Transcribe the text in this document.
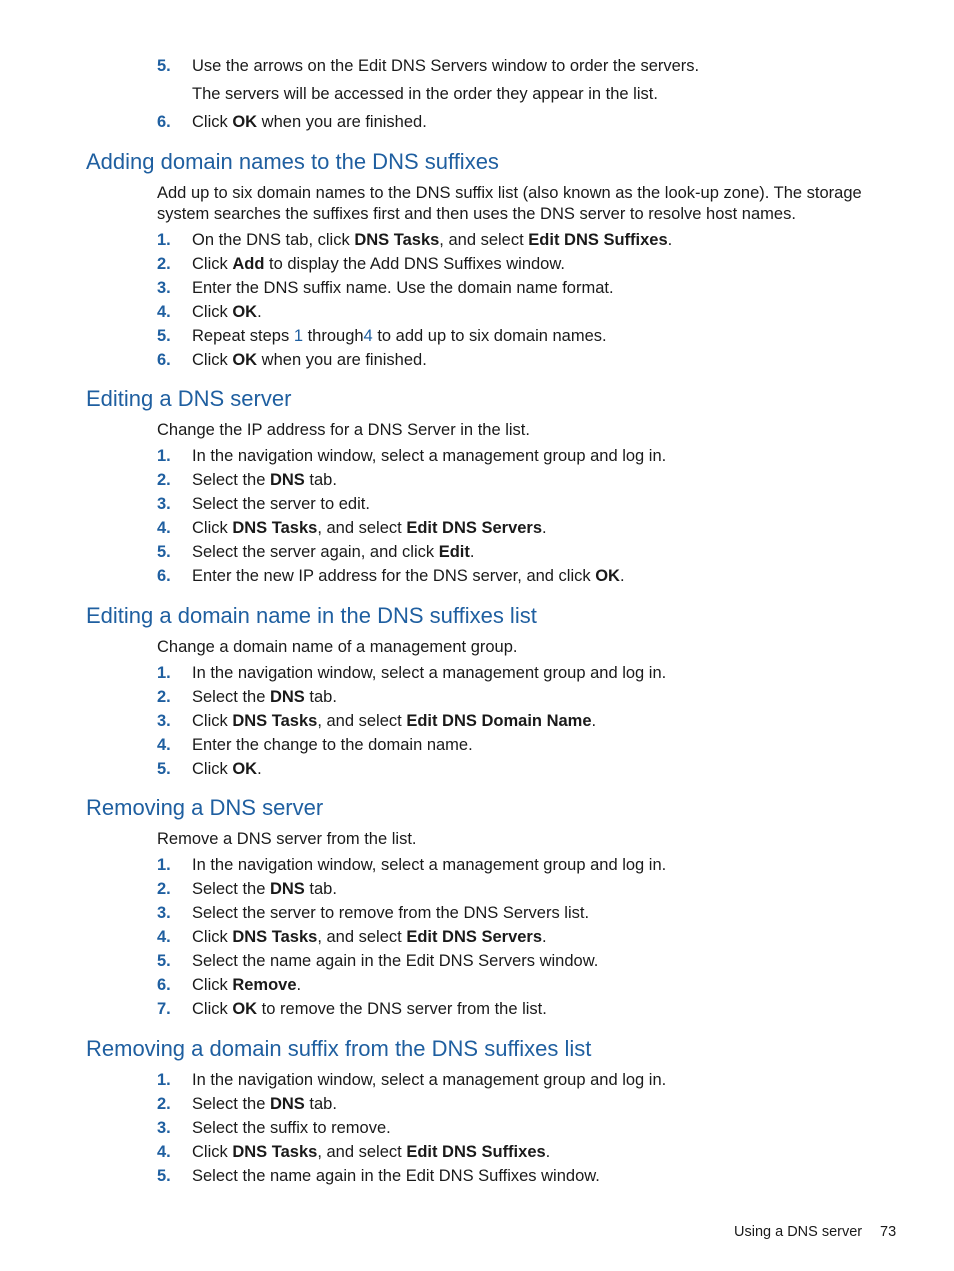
5.	Use the arrows on the Edit DNS Servers window to order the servers.
The servers will be accessed in the order they appear in the list.
6.	Click OK when you are finished.
Adding domain names to the DNS suffixes

Add up to six domain names to the DNS suffix list (also known as the look-up zone). The storage system searches the suffixes first and then uses the DNS server to resolve host names.

1.	On the DNS tab, click DNS Tasks, and select Edit DNS Suffixes.
2.	Click Add to display the Add DNS Suffixes window.
3.	Enter the DNS suffix name. Use the domain name format.
4.	Click OK.
5.	Repeat steps 1 through4 to add up to six domain names.
6.	Click OK when you are finished.
Editing a DNS server

Change the IP address for a DNS Server in the list.

1.	In the navigation window, select a management group and log in.
2.	Select the DNS tab.
3.	Select the server to edit.
4.	Click DNS Tasks, and select Edit DNS Servers.
5.	Select the server again, and click Edit.
6.	Enter the new IP address for the DNS server, and click OK.
Editing a domain name in the DNS suffixes list

Change a domain name of a management group.

1.	In the navigation window, select a management group and log in.
2.	Select the DNS tab.
3.	Click DNS Tasks, and select Edit DNS Domain Name.
4.	Enter the change to the domain name.
5.	Click OK.
Removing a DNS server

Remove a DNS server from the list.

1.	In the navigation window, select a management group and log in.
2.	Select the DNS tab.
3.	Select the server to remove from the DNS Servers list.
4.	Click DNS Tasks, and select Edit DNS Servers.
5.	Select the name again in the Edit DNS Servers window.
6.	Click Remove.
7.	Click OK to remove the DNS server from the list.
Removing a domain suffix from the DNS suffixes list
1.	In the navigation window, select a management group and log in.
2.	Select the DNS tab.
3.	Select the suffix to remove.
4.	Click DNS Tasks, and select Edit DNS Suffixes.
5.	Select the name again in the Edit DNS Suffixes window.
Using a DNS server 73
